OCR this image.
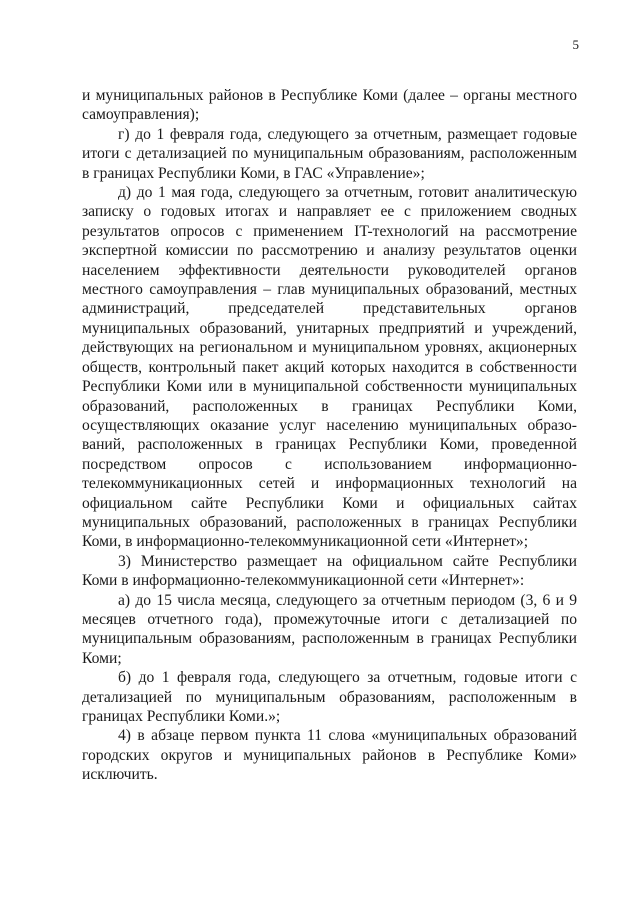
5

и муниципальных районов в Республике Коми (далее – органы местного самоуправления);

г) до 1 февраля года, следующего за отчетным, размещает годовые итоги с детализацией по муниципальным образованиям, расположенным в границах Республики Коми, в ГАС «Управление»;

д) до 1 мая года, следующего за отчетным, готовит аналитическую записку о годовых итогах и направляет ее с приложением сводных результатов опросов с применением IT-технологий на рассмотрение экспертной комиссии по рассмотрению и анализу результатов оценки населением эффективности деятельности руководителей органов местного самоуправления – глав муниципальных образований, местных администраций, председателей представительных органов муниципальных образований, унитарных предприятий и учреждений, действующих на региональном и муниципальном уровнях, акционерных обществ, контрольный пакет акций которых находится в собственности Республики Коми или в муниципальной собственности муниципальных образований, расположенных в границах Республики Коми, осуществляющих оказание услуг населению муниципальных образований, расположенных в границах Республики Коми, проведенной посредством опросов с использованием информационно-телекоммуникационных сетей и информационных технологий на официальном сайте Республики Коми и официальных сайтах муниципальных образований, расположенных в границах Республики Коми, в информационно-телекоммуникационной сети «Интернет»;

3) Министерство размещает на официальном сайте Республики Коми в информационно-телекоммуникационной сети «Интернет»:

а) до 15 числа месяца, следующего за отчетным периодом (3, 6 и 9 месяцев отчетного года), промежуточные итоги с детализацией по муниципальным образованиям, расположенным в границах Республики Коми;

б) до 1 февраля года, следующего за отчетным, годовые итоги с детализацией по муниципальным образованиям, расположенным в границах Республики Коми.»;

4) в абзаце первом пункта 11 слова «муниципальных образований городских округов и муниципальных районов в Республике Коми» исключить.
